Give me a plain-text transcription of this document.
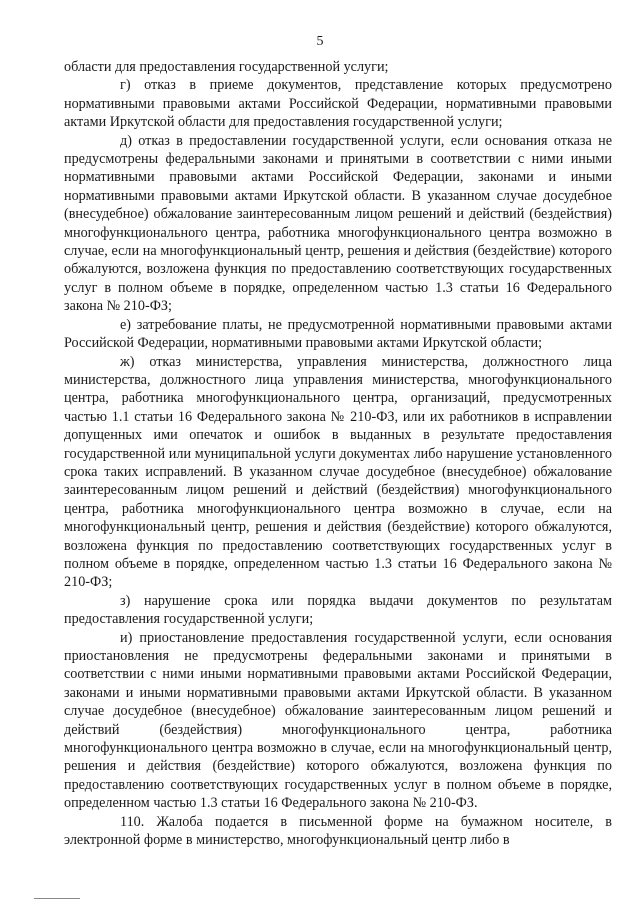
5

области для предоставления государственной услуги;

г) отказ в приеме документов, представление которых предусмотрено нормативными правовыми актами Российской Федерации, нормативными правовыми актами Иркутской области для предоставления государственной услуги;

д) отказ в предоставлении государственной услуги, если основания отказа не предусмотрены федеральными законами и принятыми в соответствии с ними иными нормативными правовыми актами Российской Федерации, законами и иными нормативными правовыми актами Иркутской области. В указанном случае досудебное (внесудебное) обжалование заинтересованным лицом решений и действий (бездействия) многофункционального центра, работника многофункционального центра возможно в случае, если на многофункциональный центр, решения и действия (бездействие) которого обжалуются, возложена функция по предоставлению соответствующих государственных услуг в полном объеме в порядке, определенном частью 1.3 статьи 16 Федерального закона № 210-ФЗ;

е) затребование платы, не предусмотренной нормативными правовыми актами Российской Федерации, нормативными правовыми актами Иркутской области;

ж) отказ министерства, управления министерства, должностного лица министерства, должностного лица управления министерства, многофункционального центра, работника многофункционального центра, организаций, предусмотренных частью 1.1 статьи 16 Федерального закона № 210-ФЗ, или их работников в исправлении допущенных ими опечаток и ошибок в выданных в результате предоставления государственной или муниципальной услуги документах либо нарушение установленного срока таких исправлений. В указанном случае досудебное (внесудебное) обжалование заинтересованным лицом решений и действий (бездействия) многофункционального центра, работника многофункционального центра возможно в случае, если на многофункциональный центр, решения и действия (бездействие) которого обжалуются, возложена функция по предоставлению соответствующих государственных услуг в полном объеме в порядке, определенном частью 1.3 статьи 16 Федерального закона № 210-ФЗ;

з) нарушение срока или порядка выдачи документов по результатам предоставления государственной услуги;

и) приостановление предоставления государственной услуги, если основания приостановления не предусмотрены федеральными законами и принятыми в соответствии с ними иными нормативными правовыми актами Российской Федерации, законами и иными нормативными правовыми актами Иркутской области. В указанном случае досудебное (внесудебное) обжалование заинтересованным лицом решений и действий (бездействия) многофункционального центра, работника многофункционального центра возможно в случае, если на многофункциональный центр, решения и действия (бездействие) которого обжалуются, возложена функция по предоставлению соответствующих государственных услуг в полном объеме в порядке, определенном частью 1.3 статьи 16 Федерального закона № 210-ФЗ.

110. Жалоба подается в письменной форме на бумажном носителе, в электронной форме в министерство, многофункциональный центр либо в
